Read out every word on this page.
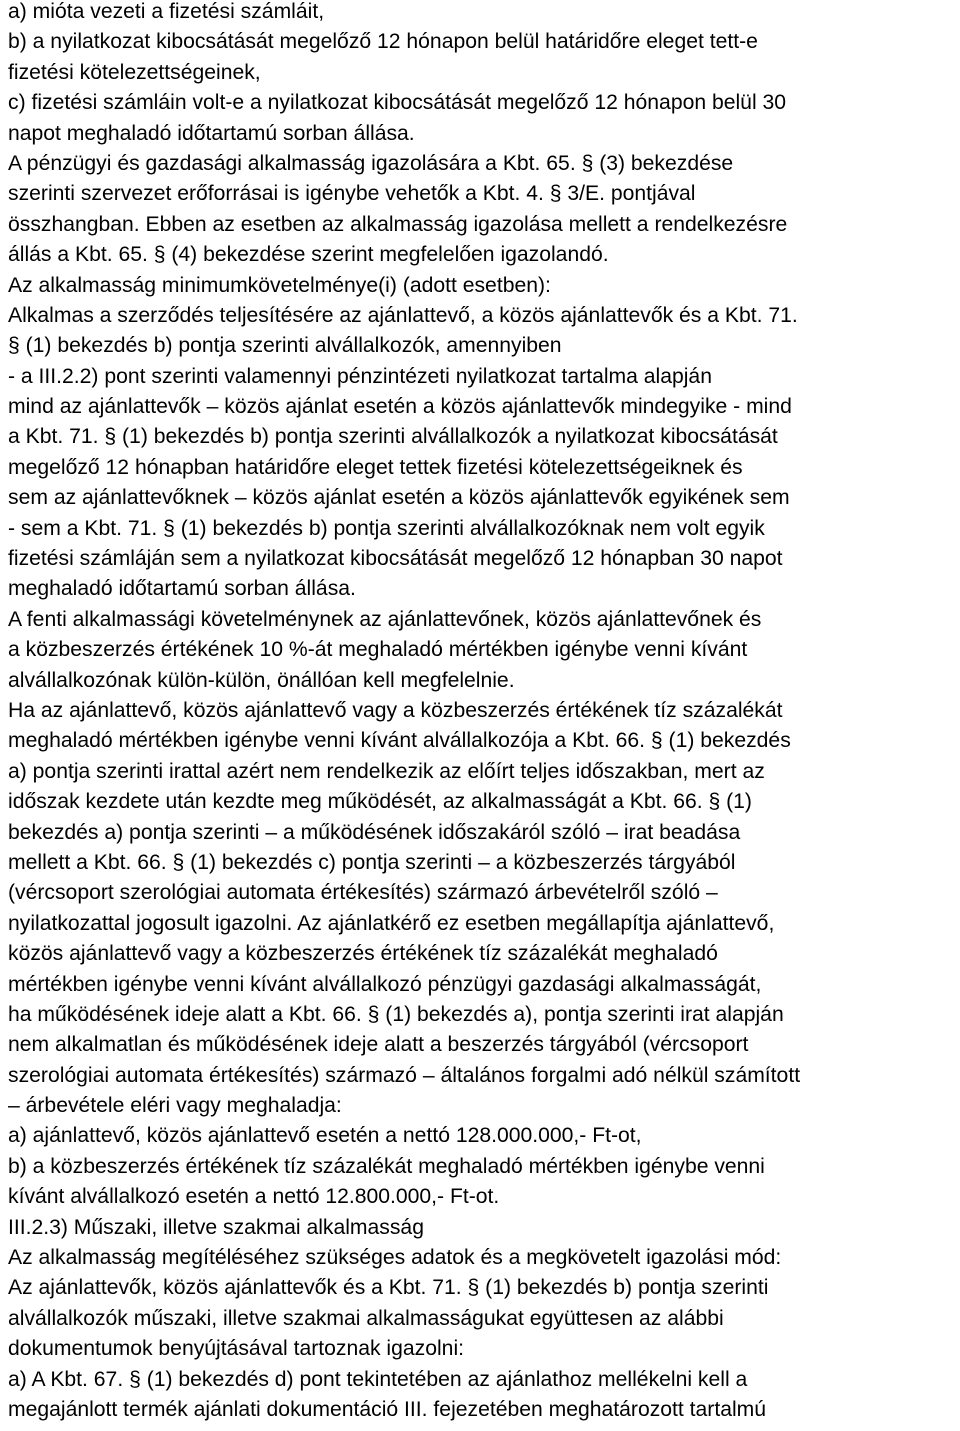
a) mióta vezeti a fizetési számláit,
b) a nyilatkozat kibocsátását megelőző 12 hónapon belül határidőre eleget tett-e
fizetési kötelezettségeinek,
c) fizetési számláin volt-e a nyilatkozat kibocsátását megelőző 12 hónapon belül 30
napot meghaladó időtartamú sorban állása.
A pénzügyi és gazdasági alkalmasság igazolására a Kbt. 65. § (3) bekezdése
szerinti szervezet erőforrásai is igénybe vehetők a Kbt. 4. § 3/E. pontjával
összhangban. Ebben az esetben az alkalmasság igazolása mellett a rendelkezésre
állás a Kbt. 65. § (4) bekezdése szerint megfelelően igazolandó.
Az alkalmasság minimumkövetelménye(i) (adott esetben):
Alkalmas a szerződés teljesítésére az ajánlattevő, a közös ajánlattevők és a Kbt. 71.
§ (1) bekezdés b) pontja szerinti alvállalkozók, amennyiben
- a III.2.2) pont szerinti valamennyi pénzintézeti nyilatkozat tartalma alapján
mind az ajánlattevők – közös ajánlat esetén a közös ajánlattevők mindegyike - mind
a Kbt. 71. § (1) bekezdés b) pontja szerinti alvállalkozók a nyilatkozat kibocsátását
megelőző 12 hónapban határidőre eleget tettek fizetési kötelezettségeiknek és
sem az ajánlattevőknek – közös ajánlat esetén a közös ajánlattevők egyikének sem
- sem a Kbt. 71. § (1) bekezdés b) pontja szerinti alvállalkozóknak nem volt egyik
fizetési számláján sem a nyilatkozat kibocsátását megelőző 12 hónapban 30 napot
meghaladó időtartamú sorban állása.
A fenti alkalmassági követelménynek az ajánlattevőnek, közös ajánlattevőnek és
a közbeszerzés értékének 10 %-át meghaladó mértékben igénybe venni kívánt
alvállalkozónak külön-külön, önállóan kell megfelelnie.
Ha az ajánlattevő, közös ajánlattevő vagy a közbeszerzés értékének tíz százalékát
meghaladó mértékben igénybe venni kívánt alvállalkozója a Kbt. 66. § (1) bekezdés
a) pontja szerinti irattal azért nem rendelkezik az előírt teljes időszakban, mert az
időszak kezdete után kezdte meg működését, az alkalmasságát a Kbt. 66. § (1)
bekezdés a) pontja szerinti – a működésének időszakáról szóló – irat beadása
mellett a Kbt. 66. § (1) bekezdés c) pontja szerinti – a közbeszerzés tárgyából
(vércsoport szerológiai automata értékesítés) származó árbevételről szóló –
nyilatkozattal jogosult igazolni. Az ajánlatkérő ez esetben megállapítja ajánlattevő,
közös ajánlattevő vagy a közbeszerzés értékének tíz százalékát meghaladó
mértékben igénybe venni kívánt alvállalkozó pénzügyi gazdasági alkalmasságát,
ha működésének ideje alatt a Kbt. 66. § (1) bekezdés a), pontja szerinti irat alapján
nem alkalmatlan és működésének ideje alatt a beszerzés tárgyából (vércsoport
szerológiai automata értékesítés) származó – általános forgalmi adó nélkül számított
– árbevétele eléri vagy meghaladja:
a) ajánlattevő, közös ajánlattevő esetén a nettó 128.000.000,- Ft-ot,
b) a közbeszerzés értékének tíz százalékát meghaladó mértékben igénybe venni
kívánt alvállalkozó esetén a nettó 12.800.000,- Ft-ot.
III.2.3) Műszaki, illetve szakmai alkalmasság
Az alkalmasság megítéléséhez szükséges adatok és a megkövetelt igazolási mód:
Az ajánlattevők, közös ajánlattevők és a Kbt. 71. § (1) bekezdés b) pontja szerinti
alvállalkozók műszaki, illetve szakmai alkalmasságukat együttesen az alábbi
dokumentumok benyújtásával tartoznak igazolni:
a) A Kbt. 67. § (1) bekezdés d) pont tekintetében az ajánlathoz mellékelni kell a
megajánlott termék ajánlati dokumentáció III. fejezetében meghatározott tartalmú
